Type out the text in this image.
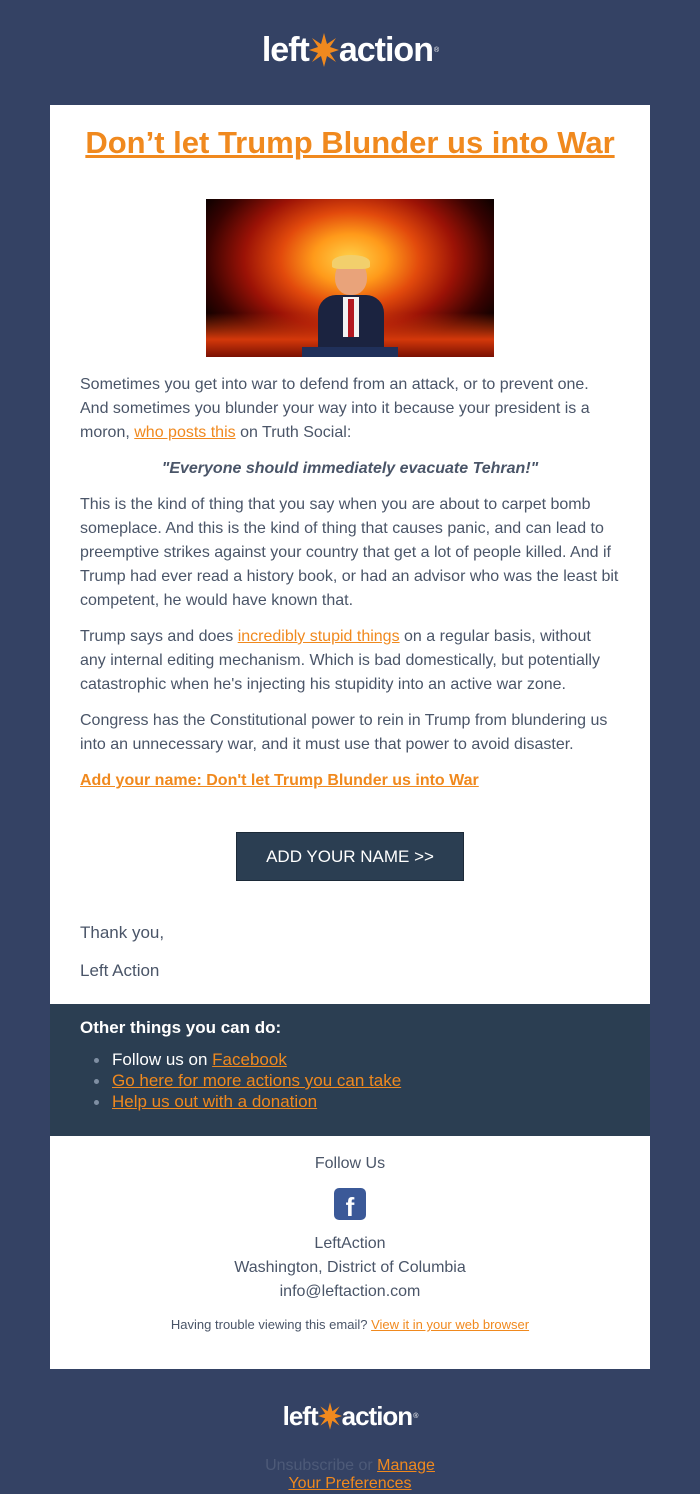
left action ®
Don’t let Trump Blunder us into War

Sometimes you get into war to defend from an attack, or to prevent one. And sometimes you blunder your way into it because your president is a moron, who posts this on Truth Social:

"Everyone should immediately evacuate Tehran!"

This is the kind of thing that you say when you are about to carpet bomb someplace. And this is the kind of thing that causes panic, and can lead to preemptive strikes against your country that get a lot of people killed. And if Trump had ever read a history book, or had an advisor who was the least bit competent, he would have known that.

Trump says and does incredibly stupid things on a regular basis, without any internal editing mechanism. Which is bad domestically, but potentially catastrophic when he's injecting his stupidity into an active war zone.

Congress has the Constitutional power to rein in Trump from blundering us into an unnecessary war, and it must use that power to avoid disaster.

Add your name: Don't let Trump Blunder us into War

ADD YOUR NAME >>
Thank you,
Left Action
Other things you can do:
Follow us on Facebook
Go here for more actions you can take
Help us out with a donation
Follow Us
f
LeftAction
Washington, District of Columbia
info@leftaction.com
Having trouble viewing this email? View it in your web browser
left action ®
Unsubscribe or Manage
Your Preferences
